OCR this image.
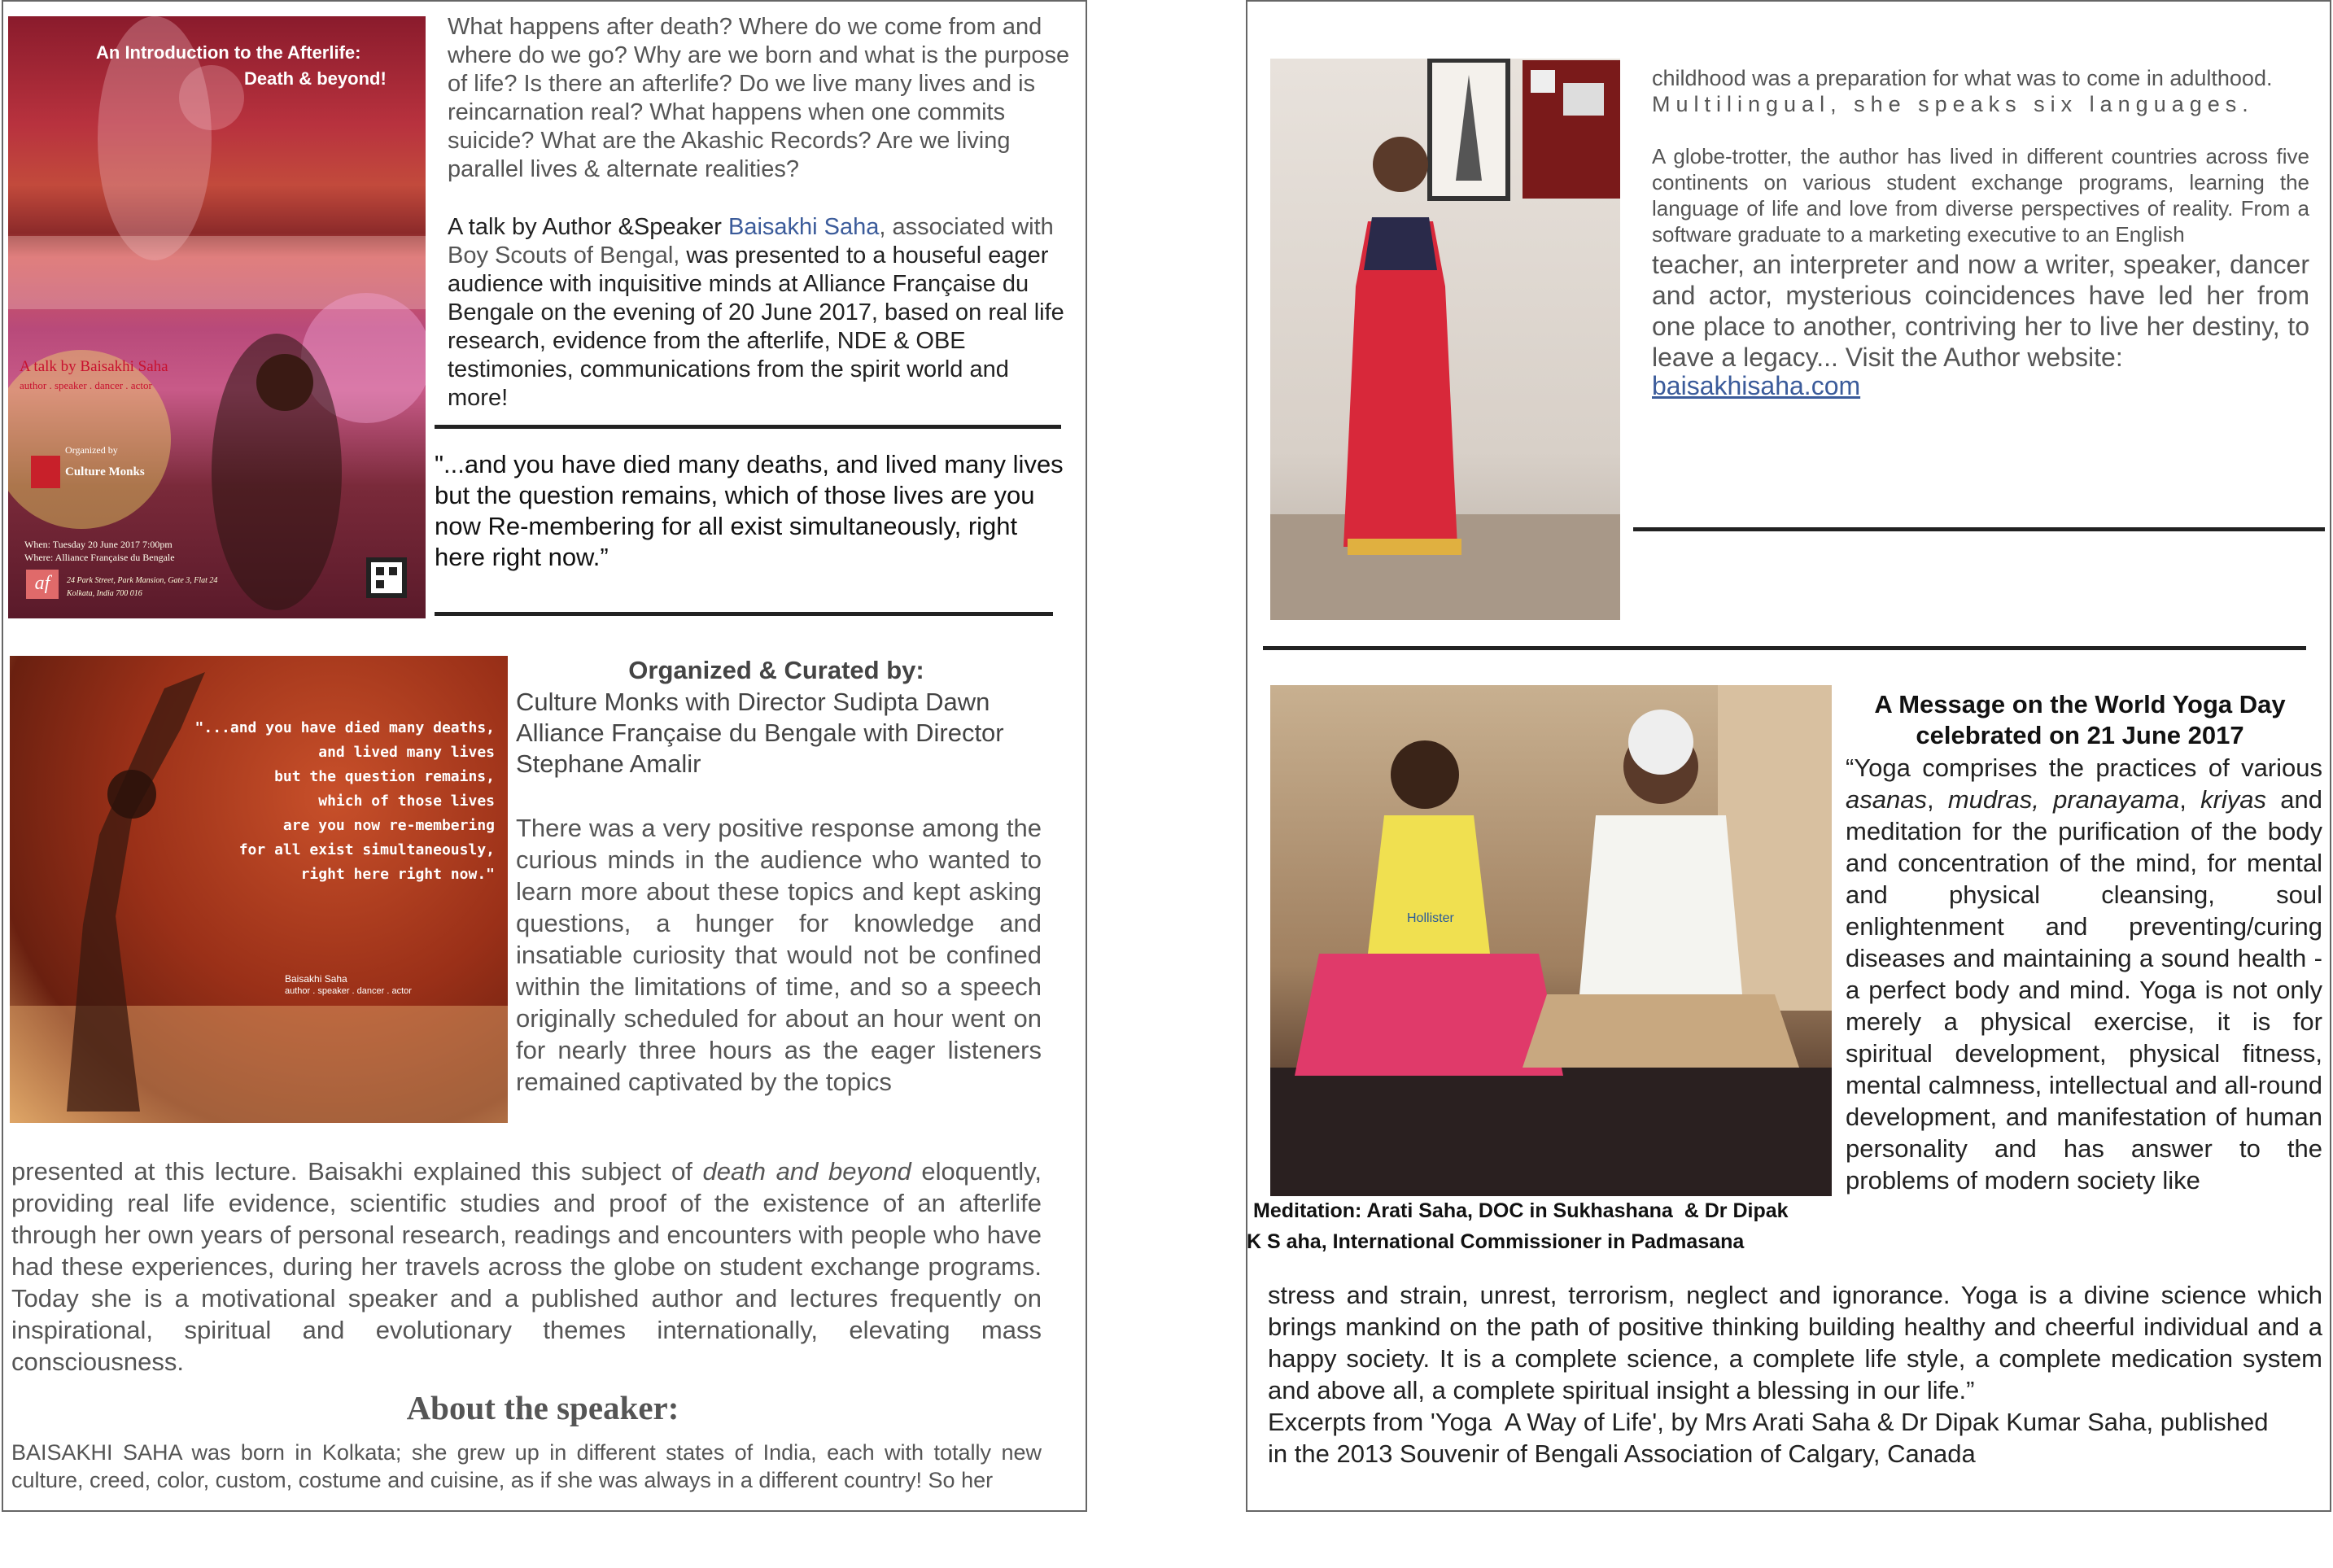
An Introduction to the Afterlife:
Death & beyond!
A talk by Baisakhi Saha
author . speaker . dancer . actor
Organized by
Culture Monks
When: Tuesday 20 June 2017 7:00pm
Where: Alliance Française du Bengale
af	24 Park Street, Park Mansion, Gate 3, Flat 24
Kolkata, India 700 016
What happens after death? Where do we come from and where do we go? Why are we born and what is the purpose of life? Is there an afterlife? Do we live many lives and is reincarnation real? What happens when one commits suicide? What are the Akashic Records? Are we living parallel lives & alternate realities?
A talk by Author &Speaker Baisakhi Saha, associated with Boy Scouts of Bengal, was presented to a houseful eager audience with inquisitive minds at Alliance Française du Bengale on the evening of 20 June 2017, based on real life research, evidence from the afterlife, NDE & OBE testimonies, communications from the spirit world and more!
"...and you have died many deaths, and lived many lives but the question remains, which of those lives are you now Re-membering for all exist simultaneously, right here right now.”
"...and you have died many deaths,
and lived many lives
but the question remains,
which of those lives
are you now re-membering
for all exist simultaneously,
right here right now."
Baisakhi Saha
author . speaker . dancer . actor
Organized & Curated by:
Culture Monks with Director Sudipta Dawn
Alliance Française du Bengale with Director
Stephane Amalir
There was a very positive response among the curious minds in the audience who wanted to learn more about these topics and kept asking questions, a hunger for knowledge and insatiable curiosity that would not be confined within the limitations of time, and so a speech originally scheduled for about an hour went on for nearly three hours as the eager listeners remained captivated by the topics
presented at this lecture. Baisakhi explained this subject of death and beyond eloquently, providing real life evidence, scientific studies and proof of the existence of an afterlife through her own years of personal research, readings and encounters with people who have had these experiences, during her travels across the globe on student exchange programs. Today she is a motivational speaker and a published author and lectures frequently on inspirational, spiritual and evolutionary themes internationally, elevating mass consciousness.
About the speaker:
BAISAKHI SAHA was born in Kolkata; she grew up in different states of India, each with totally new culture, creed, color, custom, costume and cuisine, as if she was always in a different country! So her
childhood was a preparation for what was to come in adulthood.
Multilingual, she speaks six languages.
A globe-trotter, the author has lived in different countries across five continents on various student exchange programs, learning the language of life and love from diverse perspectives of reality. From a software graduate to a marketing executive to an English
teacher, an interpreter and now a writer, speaker, dancer and actor, mysterious coincidences have led her from one place to another, contriving her to live her destiny, to leave a legacy... Visit the Author website:
baisakhisaha.com
Hollister
Meditation: Arati Saha, DOC in Sukhashana  & Dr Dipak
K S aha, International Commissioner in Padmasana
A Message on the World Yoga Day
celebrated on 21 June 2017
“Yoga comprises the practices of various asanas, mudras, pranayama, kriyas and meditation for the purification of the body and concentration of the mind, for mental and physical cleansing, soul enlightenment and preventing/curing diseases and maintaining a sound health - a perfect body and mind. Yoga is not only merely a physical exercise, it is for spiritual development, physical fitness, mental calmness, intellectual and all-round development, and manifestation of human personality and has answer to the problems of modern society like
stress and strain, unrest, terrorism, neglect and ignorance. Yoga is a divine science which brings mankind on the path of positive thinking building healthy and cheerful individual and a happy society. It is a complete science, a complete life style, a complete medication system and above all, a complete spiritual insight a blessing in our life.”
Excerpts from 'Yoga  A Way of Life', by Mrs Arati Saha & Dr Dipak Kumar Saha, published
in the 2013 Souvenir of Bengali Association of Calgary, Canada
